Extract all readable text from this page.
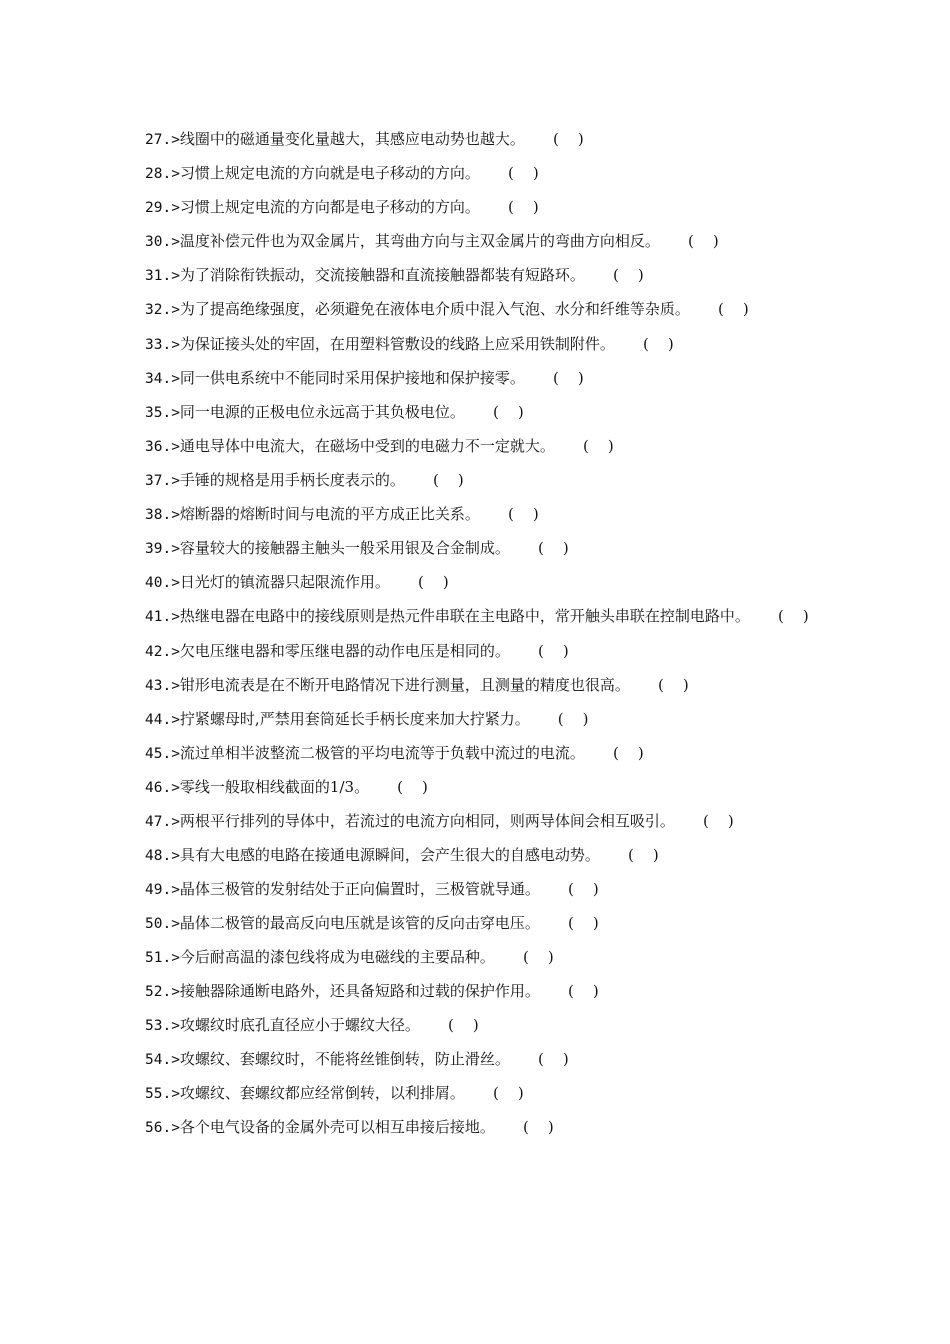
27.>线圈中的磁通量变化量越大，其感应电动势也越大。 (    )
28.>习惯上规定电流的方向就是电子移动的方向。 (    )
29.>习惯上规定电流的方向都是电子移动的方向。 (    )
30.>温度补偿元件也为双金属片，其弯曲方向与主双金属片的弯曲方向相反。 (    )
31.>为了消除衔铁振动，交流接触器和直流接触器都装有短路环。 (    )
32.>为了提高绝缘强度，必须避免在液体电介质中混入气泡、水分和纤维等杂质。 (    )
33.>为保证接头处的牢固，在用塑料管敷设的线路上应采用铁制附件。 (    )
34.>同一供电系统中不能同时采用保护接地和保护接零。 (    )
35.>同一电源的正极电位永远高于其负极电位。 (    )
36.>通电导体中电流大，在磁场中受到的电磁力不一定就大。 (    )
37.>手锤的规格是用手柄长度表示的。 (    )
38.>熔断器的熔断时间与电流的平方成正比关系。 (    )
39.>容量较大的接触器主触头一般采用银及合金制成。 (    )
40.>日光灯的镇流器只起限流作用。 (    )
41.>热继电器在电路中的接线原则是热元件串联在主电路中，常开触头串联在控制电路中。 (    )
42.>欠电压继电器和零压继电器的动作电压是相同的。 (    )
43.>钳形电流表是在不断开电路情况下进行测量，且测量的精度也很高。 (    )
44.>拧紧螺母时,严禁用套筒延长手柄长度来加大拧紧力。 (    )
45.>流过单相半波整流二极管的平均电流等于负载中流过的电流。 (    )
46.>零线一般取相线截面的1/3。 (    )
47.>两根平行排列的导体中，若流过的电流方向相同，则两导体间会相互吸引。 (    )
48.>具有大电感的电路在接通电源瞬间，会产生很大的自感电动势。 (    )
49.>晶体三极管的发射结处于正向偏置时，三极管就导通。 (    )
50.>晶体二极管的最高反向电压就是该管的反向击穿电压。 (    )
51.>今后耐高温的漆包线将成为电磁线的主要品种。 (    )
52.>接触器除通断电路外，还具备短路和过载的保护作用。 (    )
53.>攻螺纹时底孔直径应小于螺纹大径。 (    )
54.>攻螺纹、套螺纹时，不能将丝锥倒转，防止滑丝。 (    )
55.>攻螺纹、套螺纹都应经常倒转，以利排屑。 (    )
56.>各个电气设备的金属外壳可以相互串接后接地。 (    )
